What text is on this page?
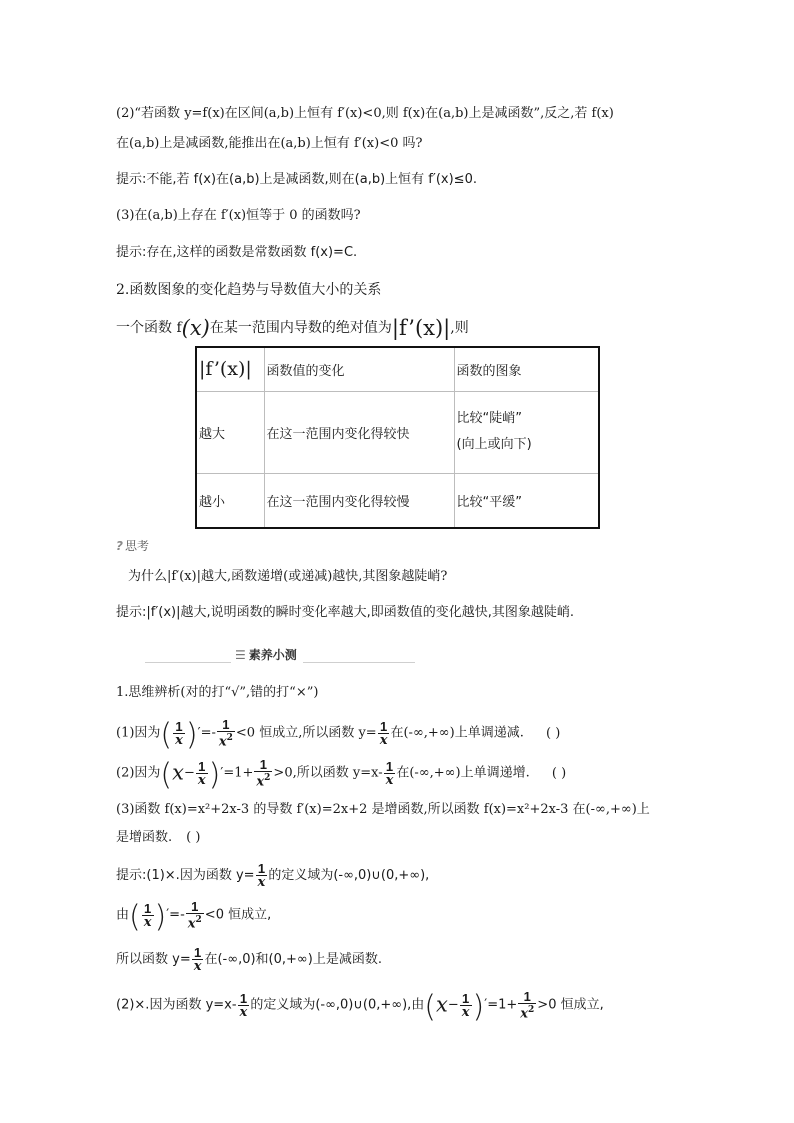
(2)“若函数 y=f(x)在区间(a,b)上恒有 f′(x)<0,则 f(x)在(a,b)上是减函数”,反之,若 f(x)
在(a,b)上是减函数,能推出在(a,b)上恒有 f′(x)<0 吗?
提示:不能,若 f(x)在(a,b)上是减函数,则在(a,b)上恒有 f′(x)≤0.
(3)在(a,b)上存在 f′(x)恒等于 0 的函数吗?
提示:存在,这样的函数是常数函数 f(x)=C.
2.函数图象的变化趋势与导数值大小的关系
一个函数 f(x)在某一范围内导数的绝对值为|f’(x)|,则
|f’(x)|	函数值的变化	函数的图象
越大	在这一范围内变化得较快	比较“陡峭”
(向上或向下)

越小	在这一范围内变化得较慢	比较“平缓”
? 思考
为什么|f′(x)|越大,函数递增(或递减)越快,其图象越陡峭?
提示:|f′(x)|越大,说明函数的瞬时变化率越大,即函数值的变化越快,其图象越陡峭.
☰ 素养小测
1.思维辨析(对的打“√”,错的打“×”)
(1)因为( $\frac{1}{x}$ )′=- $\frac{1}{x^2} <0$ 恒成立,所以函数 $y= \frac{1}{x}$ 在(-∞,+∞)上单调递减. ( )
(2)因为$(x- \frac{1}{x} )'=1+ \frac{1}{x^2} >0$,所以函数 $y=x- \frac{1}{x}$ 在(-∞,+∞)上单调递增. ( )
(3)函数 f(x)=x²+2x-3 的导数 f′(x)=2x+2 是增函数,所以函数 f(x)=x²+2x-3 在(-∞,+∞)上
是增函数. ( )
提示:(1)×.因为函数 $y= \frac{1}{x}$ 的定义域为(-∞,0)∪(0,+∞),
由( $\frac{1}{x}$ )′=- $\frac{1}{x^2} <0$ 恒成立,
所以函数 $y= \frac{1}{x}$ 在(-∞,0)和(0,+∞)上是减函数.
(2)×.因为函数 $y=x- \frac{1}{x}$ 的定义域为(-∞,0)∪(0,+∞),由$(x- \frac{1}{x} )'=1+ \frac{1}{x^2} >0$ 恒成立,
